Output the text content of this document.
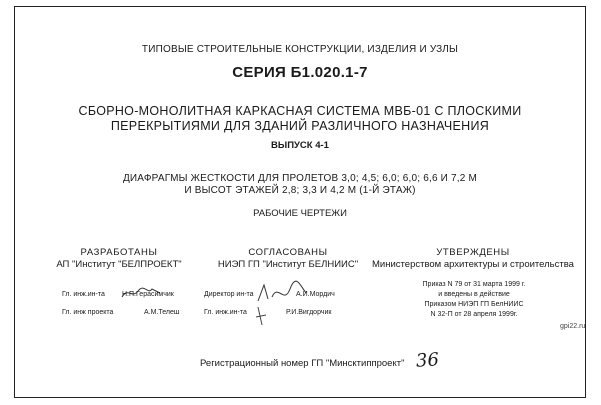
ТИПОВЫЕ СТРОИТЕЛЬНЫЕ КОНСТРУКЦИИ, ИЗДЕЛИЯ И УЗЛЫ
СЕРИЯ Б1.020.1-7
СБОРНО-МОНОЛИТНАЯ КАРКАСНАЯ СИСТЕМА МВБ-01 С ПЛОСКИМИ
ПЕРЕКРЫТИЯМИ ДЛЯ ЗДАНИЙ РАЗЛИЧНОГО НАЗНАЧЕНИЯ
ВЫПУСК 4-1
ДИАФРАГМЫ ЖЕСТКОСТИ ДЛЯ ПРОЛЕТОВ 3,0; 4,5; 6,0; 6,0; 6,6 И 7,2 М
И ВЫСОТ ЭТАЖЕЙ 2,8; 3,3 И 4,2 М (1-Й ЭТАЖ)
РАБОЧИЕ ЧЕРТЕЖИ
РАЗРАБОТАНЫ
АП "Институт "БЕЛПРОЕКТ"
Гл. инж.ин-та Н.П.Герасимчик
Гл. инж проекта	А.М.Телеш
СОГЛАСОВАНЫ
НИЭП ГП "Институт БЕЛНИИС"
Директор ин-та	А.И.Мордич
Гл. инж.ин-та	Р.И.Вигдорчик
УТВЕРЖДЕНЫ
Министерством архитектуры и строительства
Приказ N 79 от 31 марта 1999 г.
и введены в действие
Приказом НИЭП ГП БелНИИС
N 32-П от 28 апреля 1999г.
Регистрационный номер ГП "Минсктиппроект" 36
gpi22.ru
